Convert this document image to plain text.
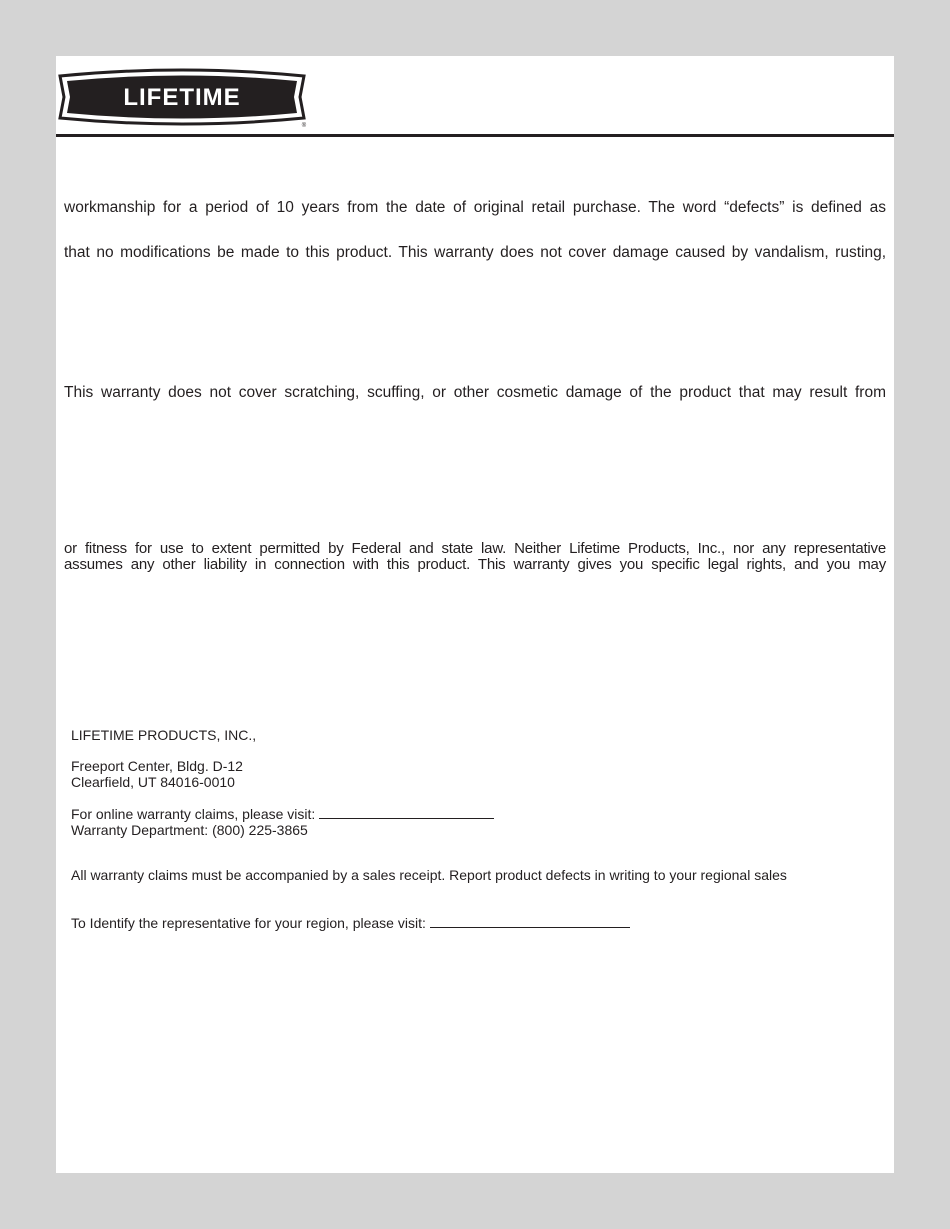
LIFETIME
®
workmanship for a period of 10 years from the date of original retail purchase. The word “defects” is defined as
that no modifications be made to this product. This warranty does not cover damage caused by vandalism, rusting,
This warranty does not cover scratching, scuffing, or other cosmetic damage of the product that may result from
or fitness for use to extent permitted by Federal and state law. Neither Lifetime Products, Inc., nor any representative
assumes any other liability in connection with this product. This warranty gives you specific legal rights, and you may
LIFETIME PRODUCTS, INC.,
Freeport Center, Bldg. D-12
Clearfield, UT 84016-0010
For online warranty claims, please visit:
Warranty Department: (800) 225-3865
All warranty claims must be accompanied by a sales receipt. Report product defects in writing to your regional sales
To Identify the representative for your region, please visit:
